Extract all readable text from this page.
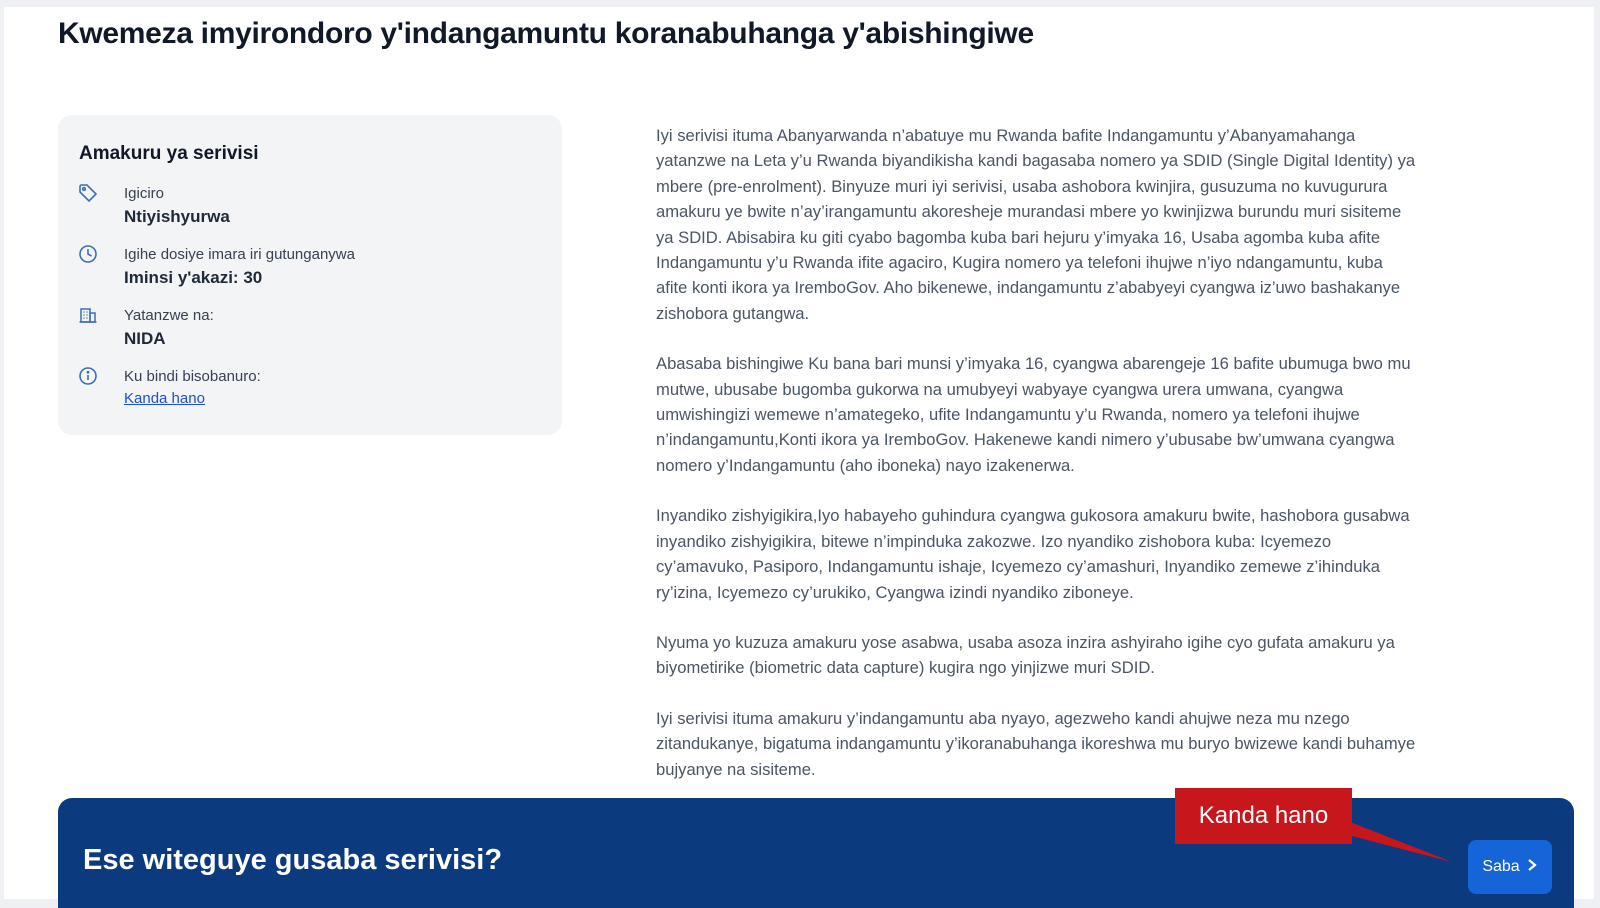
Kwemeza imyirondoro y'indangamuntu koranabuhanga y'abishingiwe
Amakuru ya serivisi
Igiciro
Ntiyishyurwa
Igihe dosiye imara iri gutunganywa
Iminsi y'akazi: 30
Yatanzwe na:
NIDA
Ku bindi bisobanuro:
Kanda hano

Iyi serivisi ituma Abanyarwanda n’abatuye mu Rwanda bafite Indangamuntu y’Abanyamahanga yatanzwe na Leta y’u Rwanda biyandikisha kandi bagasaba nomero ya SDID (Single Digital Identity) ya mbere (pre-enrolment). Binyuze muri iyi serivisi, usaba ashobora kwinjira, gusuzuma no kuvugurura amakuru ye bwite n’ay’irangamuntu akoresheje murandasi mbere yo kwinjizwa burundu muri sisiteme ya SDID. Abisabira ku giti cyabo bagomba kuba bari hejuru y’imyaka 16, Usaba agomba kuba afite Indangamuntu y’u Rwanda ifite agaciro, Kugira nomero ya telefoni ihujwe n’iyo ndangamuntu, kuba afite konti ikora ya IremboGov. Aho bikenewe, indangamuntu z’ababyeyi cyangwa iz’uwo bashakanye zishobora gutangwa.

Abasaba bishingiwe Ku bana bari munsi y’imyaka 16, cyangwa abarengeje 16 bafite ubumuga bwo mu mutwe, ubusabe bugomba gukorwa na umubyeyi wabyaye cyangwa urera umwana, cyangwa umwishingizi wemewe n’amategeko, ufite Indangamuntu y’u Rwanda, nomero ya telefoni ihujwe n’indangamuntu,Konti ikora ya IremboGov. Hakenewe kandi nimero y’ubusabe bw’umwana cyangwa nomero y’Indangamuntu (aho iboneka) nayo izakenerwa.

Inyandiko zishyigikira,Iyo habayeho guhindura cyangwa gukosora amakuru bwite, hashobora gusabwa inyandiko zishyigikira, bitewe n’impinduka zakozwe. Izo nyandiko zishobora kuba: Icyemezo cy’amavuko, Pasiporo, Indangamuntu ishaje, Icyemezo cy’amashuri, Inyandiko zemewe z’ihinduka ry’izina, Icyemezo cy’urukiko, Cyangwa izindi nyandiko ziboneye.

Nyuma yo kuzuza amakuru yose asabwa, usaba asoza inzira ashyiraho igihe cyo gufata amakuru ya biyometirike (biometric data capture) kugira ngo yinjizwe muri SDID.

Iyi serivisi ituma amakuru y’indangamuntu aba nyayo, agezweho kandi ahujwe neza mu nzego zitandukanye, bigatuma indangamuntu y’ikoranabuhanga ikoreshwa mu buryo bwizewe kandi buhamye bujyanye na sisiteme.

Ese witeguye gusaba serivisi?	Saba
Kanda hano
